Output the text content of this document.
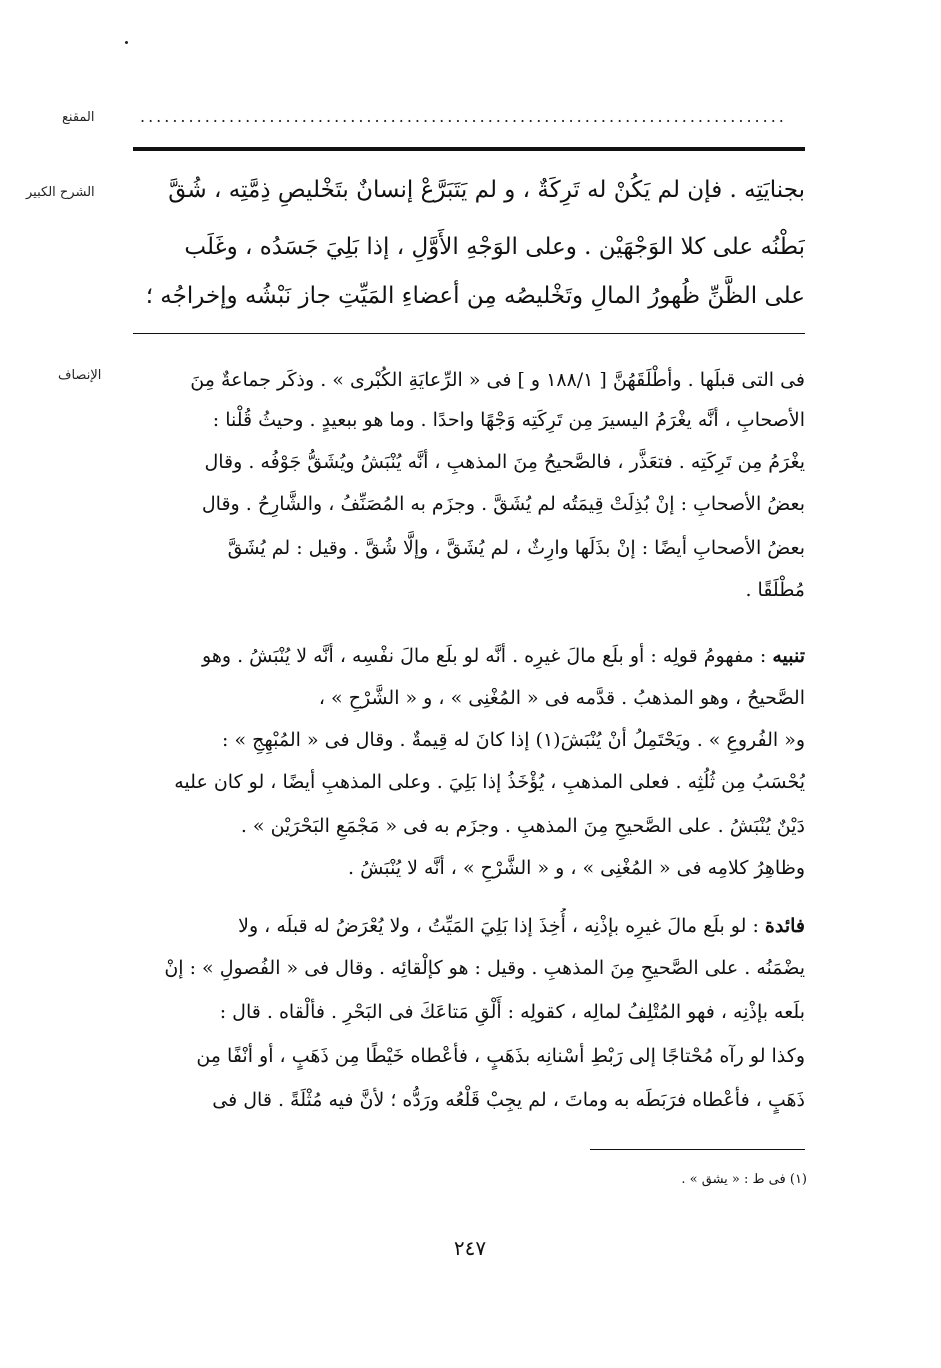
المقنع	................................................................................
الشرح الكبير	بجنايَتِه . فإن لم يَكُنْ له تَرِكَةٌ ، و لم يَتَبَرَّعْ إنسانٌ بتَخْليصِ ذِمَّتِه ، شُقَّ
بَطْنُه على كلا الوَجْهَيْن . وعلى الوَجْهِ الأَوَّلِ ، إذا بَلِيَ جَسَدُه ، وغَلَب
على الظَّنِّ ظُهورُ المالِ وتَخْليصُه مِن أعضاءِ المَيِّتِ جاز نَبْشُه وإخراجُه ؛
الإنصاف	فى التى قبلَها . وأطْلَقَهُنَّ [ ١٨٨/١ و ] فى « الرِّعايَةِ الكُبْرى » . وذكَر جماعةٌ مِنَ
الأصحابِ ، أنَّه يغْرَمُ اليسيرَ مِن تَرِكَتِه وَجْهًا واحدًا . وما هو ببعيدٍ . وحيثُ قُلْنا :
يغْرَمُ مِن تَرِكَتِه . فتعَذَّر ، فالصَّحيحُ مِنَ المذهبِ ، أنَّه يُنْبَشُ ويُشَقُّ جَوْفُه . وقال
بعضُ الأصحابِ : إنْ بُذِلَتْ قِيمَتُه لم يُشَقَّ . وجزَم به المُصَنِّفُ ، والشَّارِحُ . وقال
بعضُ الأصحابِ أيضًا : إنْ بذَلَها وارِثٌ ، لم يُشَقَّ ، وإلَّا شُقَّ . وقيل : لم يُشَقَّ
مُطْلَقًا .
تنبيه : مفهومُ قولِه : أو بلَع مالَ غيرِه . أنَّه لو بلَع مالَ نفْسِه ، أنَّه لا يُنْبَشُ . وهو
الصَّحيحُ ، وهو المذهبُ . قدَّمه فى « المُغْنِى » ، و « الشَّرْحِ » ،
و« الفُروعِ » . ويَحْتَمِلُ أنْ يُنْبَشَ(١) إذا كانَ له قِيمةٌ . وقال فى « المُبْهِجِ » :
يُحْسَبُ مِن ثُلُثِه . فعلى المذهبِ ، يُؤْخَذُ إذا بَلِيَ . وعلى المذهبِ أيضًا ، لو كان عليه
دَيْنٌ يُنْبَشُ . على الصَّحيحِ مِنَ المذهبِ . وجزَم به فى « مَجْمَعِ البَحْرَيْن » .
وظاهِرُ كلامِه فى « المُغْنِى » ، و « الشَّرْحِ » ، أنَّه لا يُنْبَشُ .
فائدة : لو بلَع مالَ غيرِه بإذْنِه ، أُخِذَ إذا بَلِيَ المَيِّتُ ، ولا يُعْرَضُ له قبلَه ، ولا
يضْمَنُه . على الصَّحيحِ مِنَ المذهبِ . وقيل : هو كإلْقائِه . وقال فى « الفُصولِ » : إنْ
بلَعه بإذْنِه ، فهو المُتْلِفُ لمالِه ، كقولِه : أَلْقِ مَتاعَكَ فى البَحْرِ . فألْقاه . قال :
وكذا لو رآه مُحْتاجًا إلى رَبْطِ أسْنانِه بذَهَبٍ ، فأعْطاه خَيْطًا مِن ذَهَبٍ ، أو أنْفًا مِن
ذَهَبٍ ، فأعْطاه فرَبَطَه به وماتَ ، لم يجِبْ قَلْعُه ورَدُّه ؛ لأنَّ فيه مُثْلَةً . قال فى
(١) فى ط : « يشق » .
٢٤٧
